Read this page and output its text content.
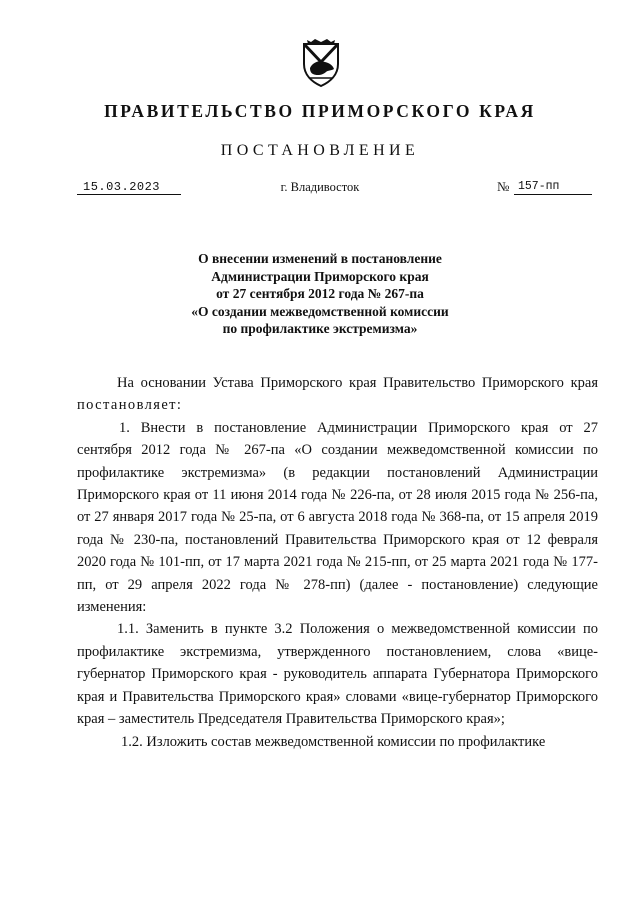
ПРАВИТЕЛЬСТВО ПРИМОРСКОГО КРАЯ
ПОСТАНОВЛЕНИЕ
15.03.2023	г. Владивосток	№ 157-пп
О внесении изменений в постановление
Администрации Приморского края
от 27 сентября 2012 года № 267-па
«О создании межведомственной комиссии
по профилактике экстремизма»

На основании Устава Приморского края Правительство Приморского края постановляет:

1. Внести в постановление Администрации Приморского края от 27 сентября 2012 года № 267-па «О создании межведомственной комиссии по профилактике экстремизма» (в редакции постановлений Администрации Приморского края от 11 июня 2014 года № 226-па, от 28 июля 2015 года № 256-па, от 27 января 2017 года № 25-па, от 6 августа 2018 года № 368-па, от 15 апреля 2019 года № 230-па, постановлений Правительства Приморского края от 12 февраля 2020 года № 101-пп, от 17 марта 2021 года № 215-пп, от 25 марта 2021 года № 177-пп, от 29 апреля 2022 года № 278-пп) (далее - постановление) следующие изменения:

1.1. Заменить в пункте 3.2 Положения о межведомственной комиссии по профилактике экстремизма, утвержденного постановлением, слова «вице-губернатор Приморского края - руководитель аппарата Губернатора Приморского края и Правительства Приморского края» словами «вице-губернатор Приморского края – заместитель Председателя Правительства Приморского края»;

1.2. Изложить состав межведомственной комиссии по профилактике
